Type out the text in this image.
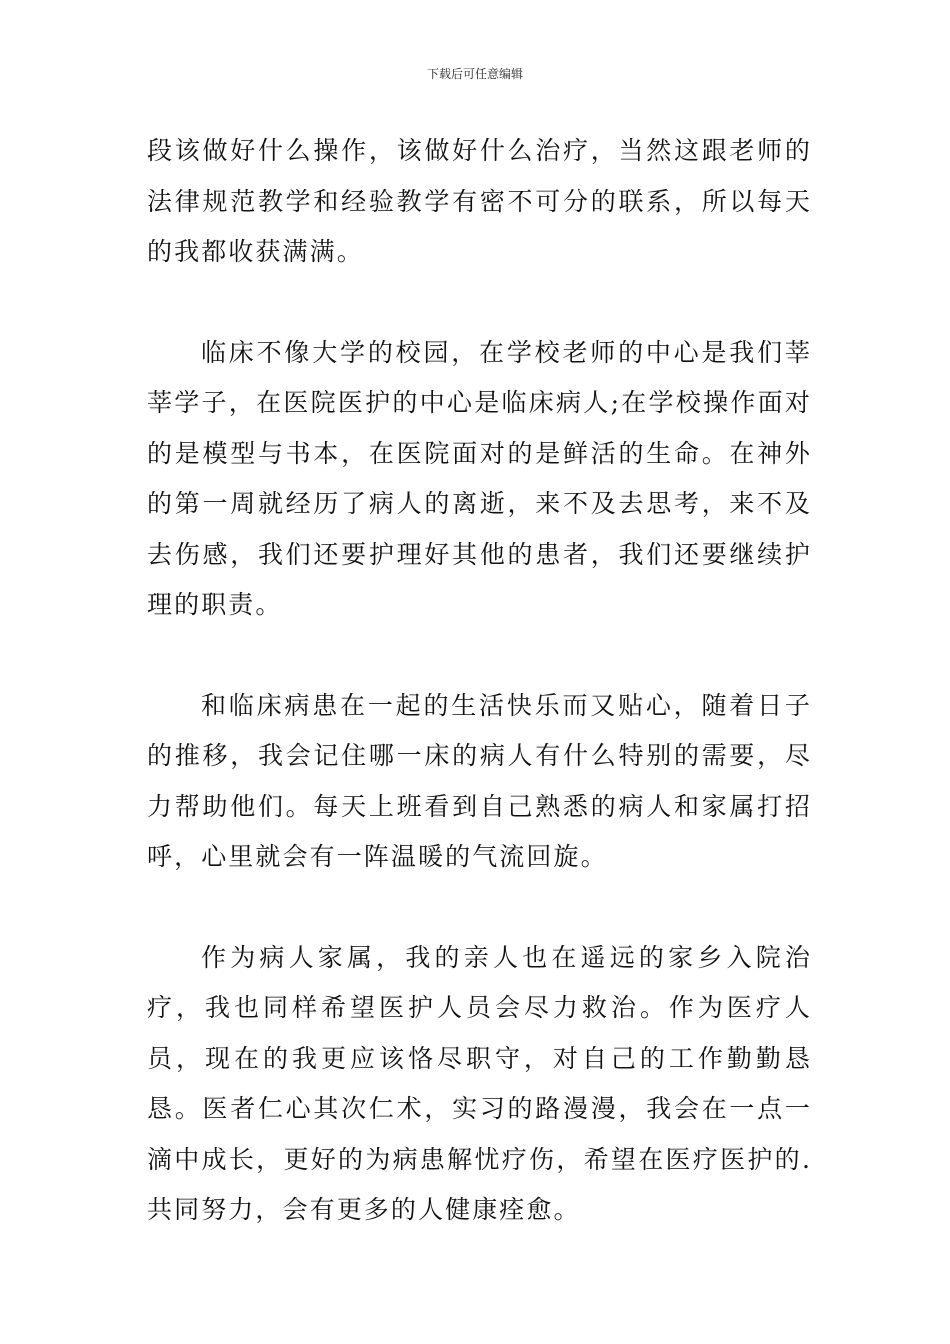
下载后可任意编辑

段该做好什么操作，该做好什么治疗，当然这跟老师的法律规范教学和经验教学有密不可分的联系，所以每天的我都收获满满。

临床不像大学的校园，在学校老师的中心是我们莘莘学子，在医院医护的中心是临床病人;在学校操作面对的是模型与书本，在医院面对的是鲜活的生命。在神外的第一周就经历了病人的离逝，来不及去思考，来不及去伤感，我们还要护理好其他的患者，我们还要继续护理的职责。

和临床病患在一起的生活快乐而又贴心，随着日子的推移，我会记住哪一床的病人有什么特别的需要，尽力帮助他们。每天上班看到自己熟悉的病人和家属打招呼，心里就会有一阵温暖的气流回旋。

作为病人家属，我的亲人也在遥远的家乡入院治疗，我也同样希望医护人员会尽力救治。作为医疗人员，现在的我更应该恪尽职守，对自己的工作勤勤恳恳。医者仁心其次仁术，实习的路漫漫，我会在一点一滴中成长，更好的为病患解忧疗伤，希望在医疗医护的.共同努力，会有更多的人健康痊愈。
